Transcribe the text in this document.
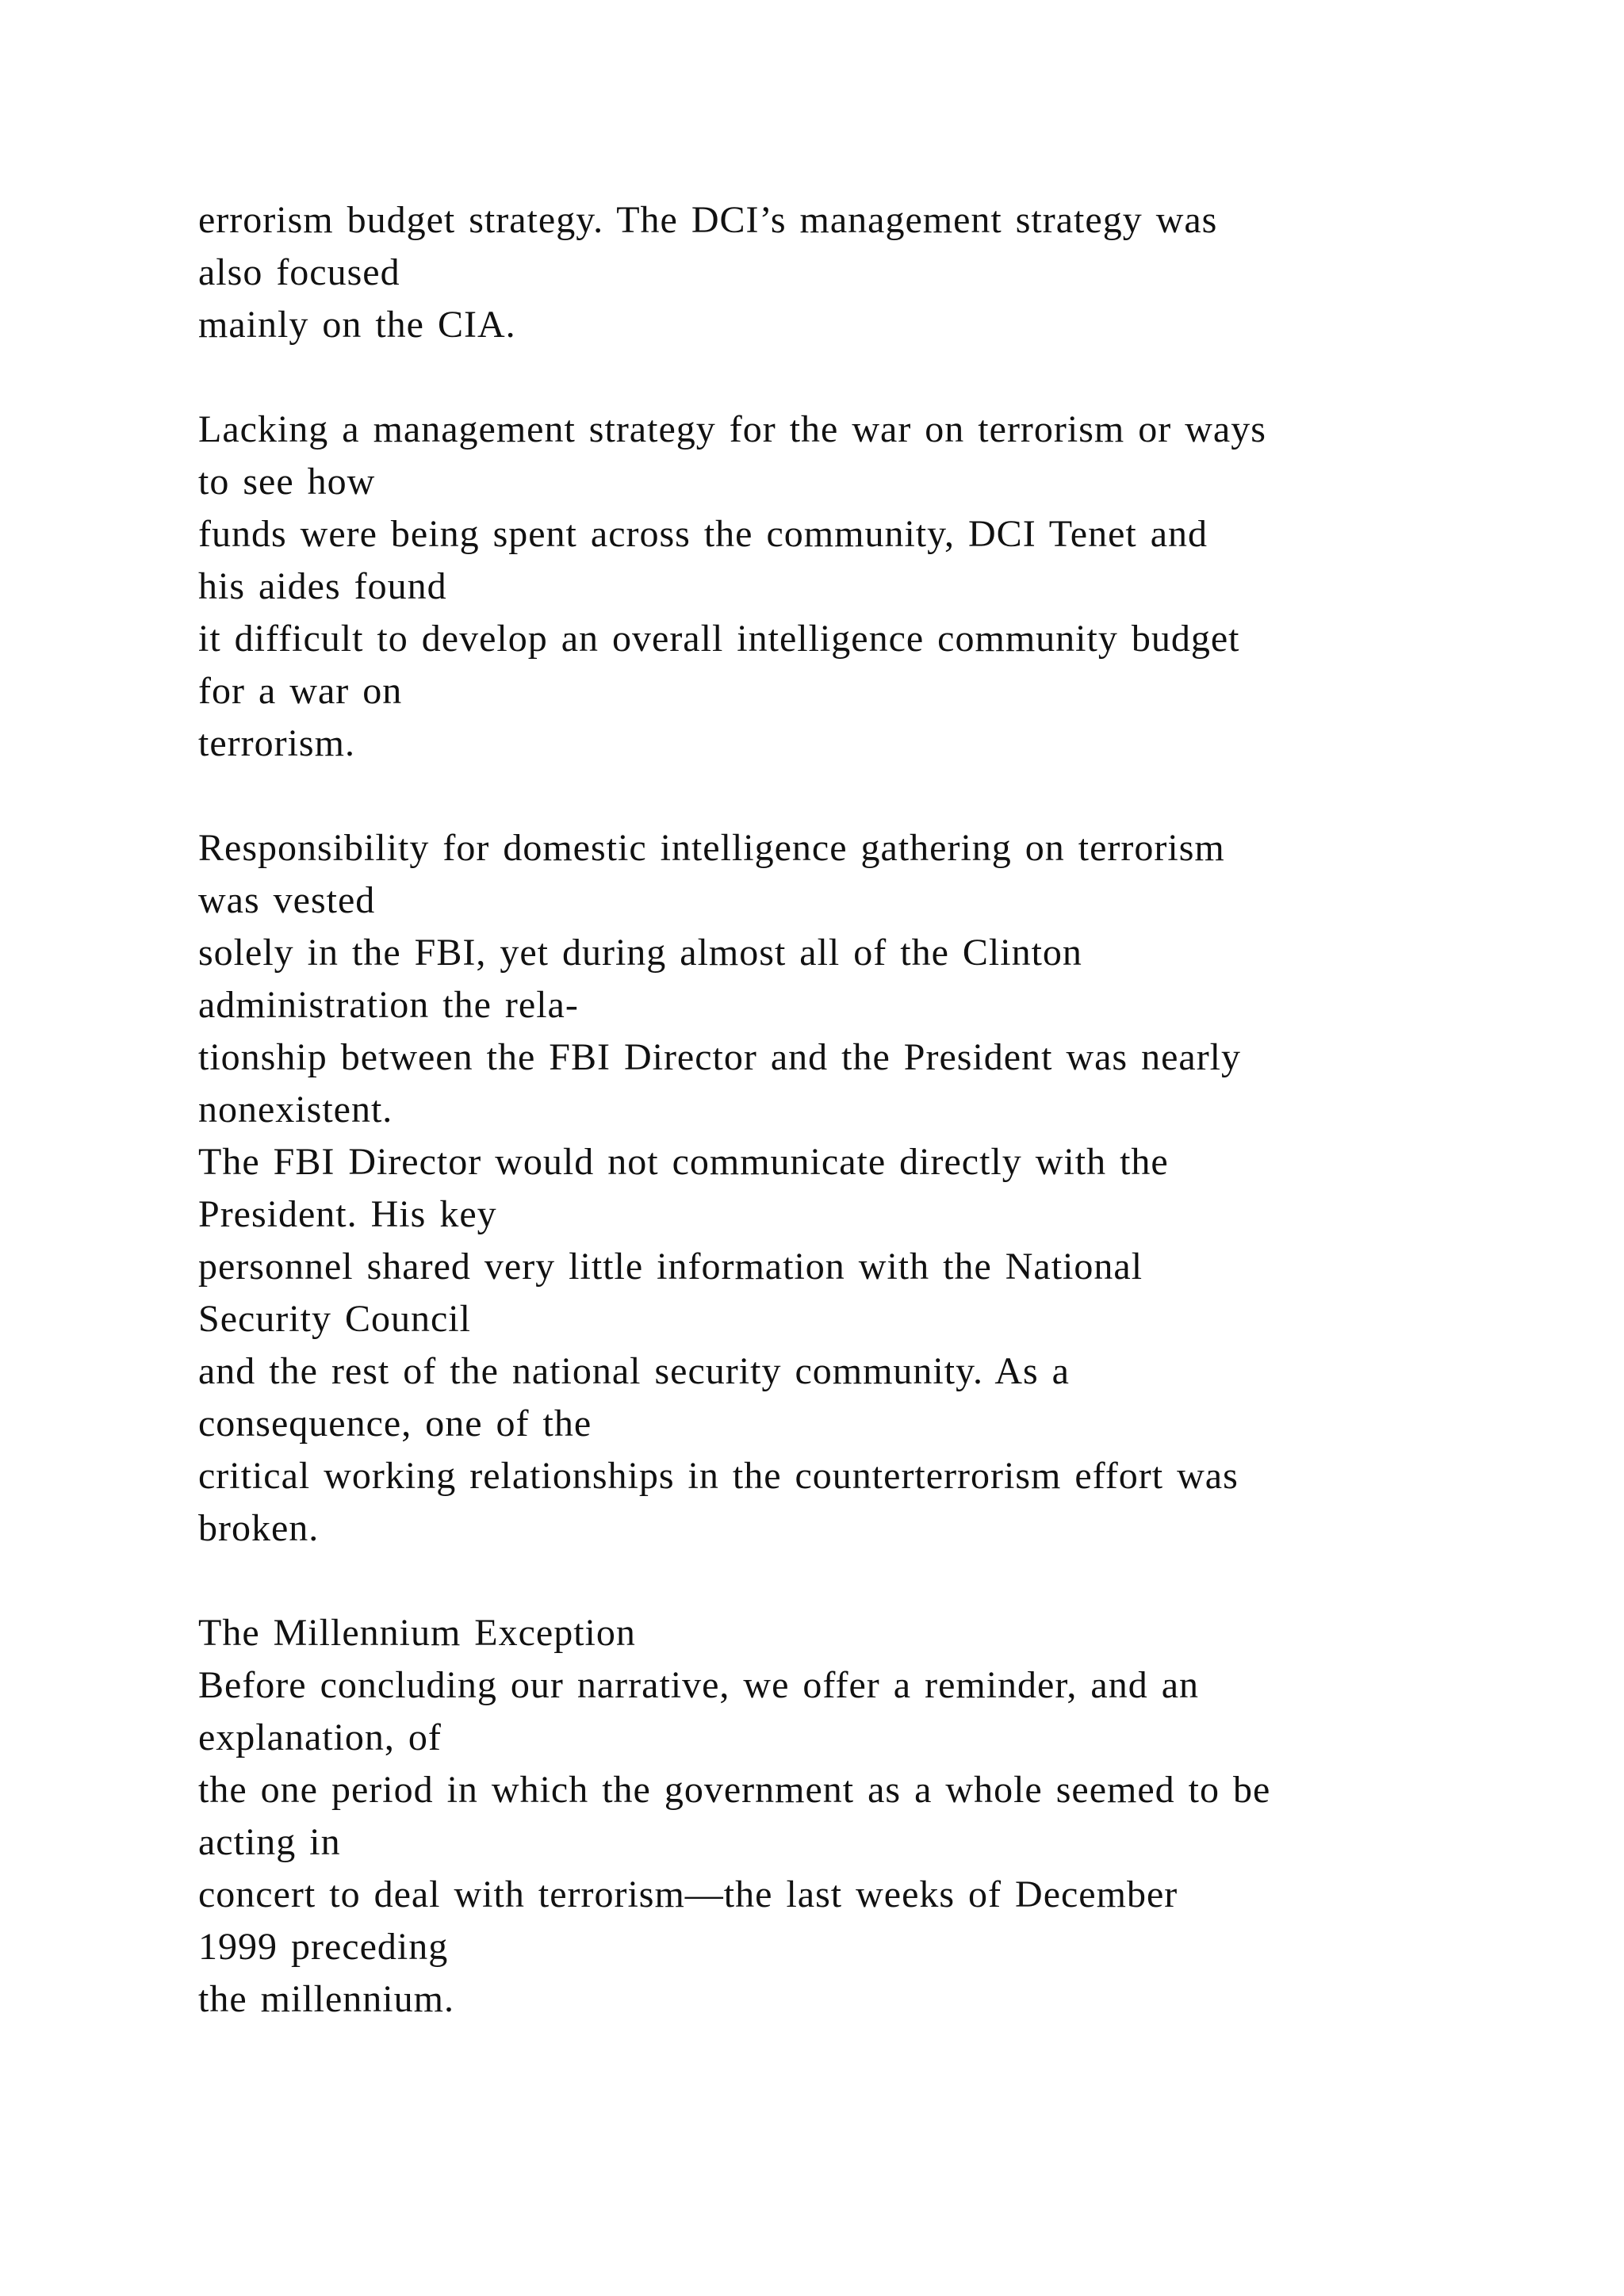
errorism budget strategy. The DCI’s management strategy was
also focused
mainly on the CIA.
Lacking a management strategy for the war on terrorism or ways
to see how
funds were being spent across the community, DCI Tenet and
his aides found
it difficult to develop an overall intelligence community budget
for a war on
terrorism.
Responsibility for domestic intelligence gathering on terrorism
was vested
solely in the FBI, yet during almost all of the Clinton
administration the rela-
tionship between the FBI Director and the President was nearly
nonexistent.
The FBI Director would not communicate directly with the
President. His key
personnel shared very little information with the National
Security Council
and the rest of the national security community. As a
consequence, one of the
critical working relationships in the counterterrorism effort was
broken.
The Millennium Exception
Before concluding our narrative, we offer a reminder, and an
explanation, of
the one period in which the government as a whole seemed to be
acting in
concert to deal with terrorism—the last weeks of December
1999 preceding
the millennium.
